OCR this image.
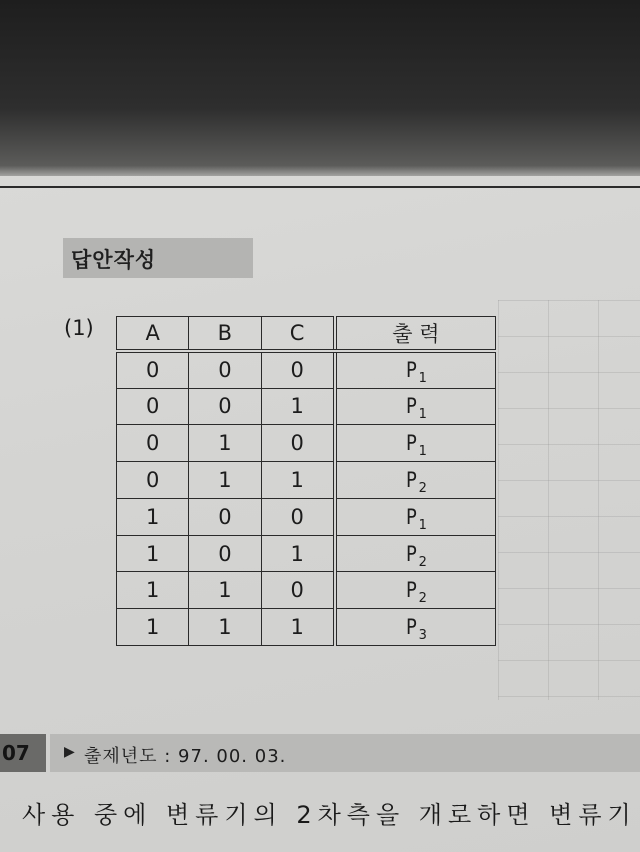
답안작성
(1) A	B	C	출 력
0	0	0	P $_1$
0	0	1	P $_1$
0	1	0	P $_1$
0	1	1	P $_2$
1	0	0	P $_1$
1	0	1	P $_2$
1	1	0	P $_2$
1	1	1	P $_3$
07 ▶ 출제년도 : 97. 00. 03.
사용 중에 변류기의 2차측을 개로하면 변류기
